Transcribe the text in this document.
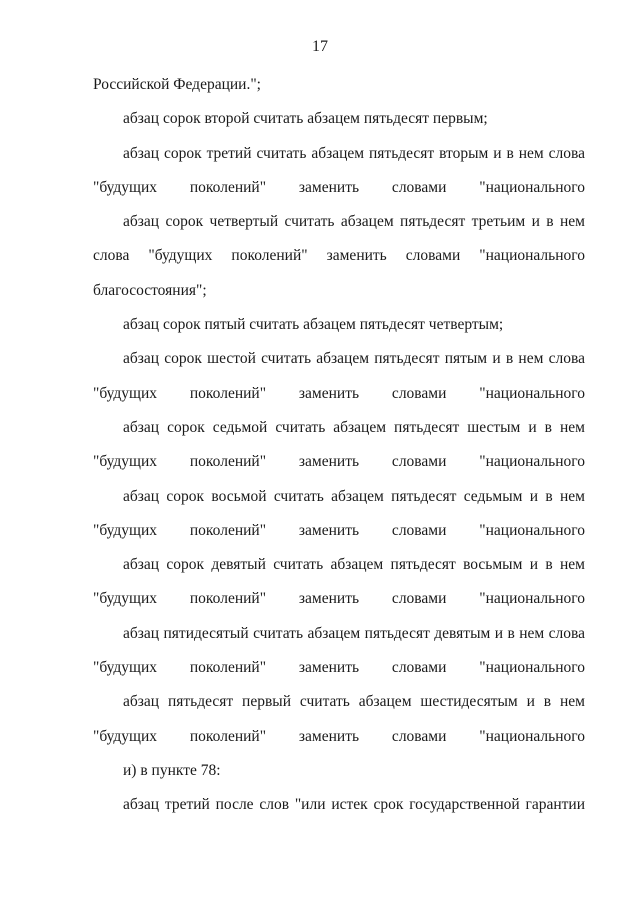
17
Российской Федерации.";
абзац сорок второй считать абзацем пятьдесят первым;
абзац сорок третий считать абзацем пятьдесят вторым и в нем слова
"будущих поколений" заменить словами "национального
абзац сорок четвертый считать абзацем пятьдесят третьим и в нем
слова "будущих поколений" заменить словами "национального
благосостояния";
абзац сорок пятый считать абзацем пятьдесят четвертым;
абзац сорок шестой считать абзацем пятьдесят пятым и в нем слова
"будущих поколений" заменить словами "национального
абзац сорок седьмой считать абзацем пятьдесят шестым и в нем
"будущих поколений" заменить словами "национального
абзац сорок восьмой считать абзацем пятьдесят седьмым и в нем
"будущих поколений" заменить словами "национального
абзац сорок девятый считать абзацем пятьдесят восьмым и в нем
"будущих поколений" заменить словами "национального
абзац пятидесятый считать абзацем пятьдесят девятым и в нем слова
"будущих поколений" заменить словами "национального
абзац пятьдесят первый считать абзацем шестидесятым и в нем
"будущих поколений" заменить словами "национального
и) в пункте 78:
абзац третий после слов "или истек срок государственной гарантии
